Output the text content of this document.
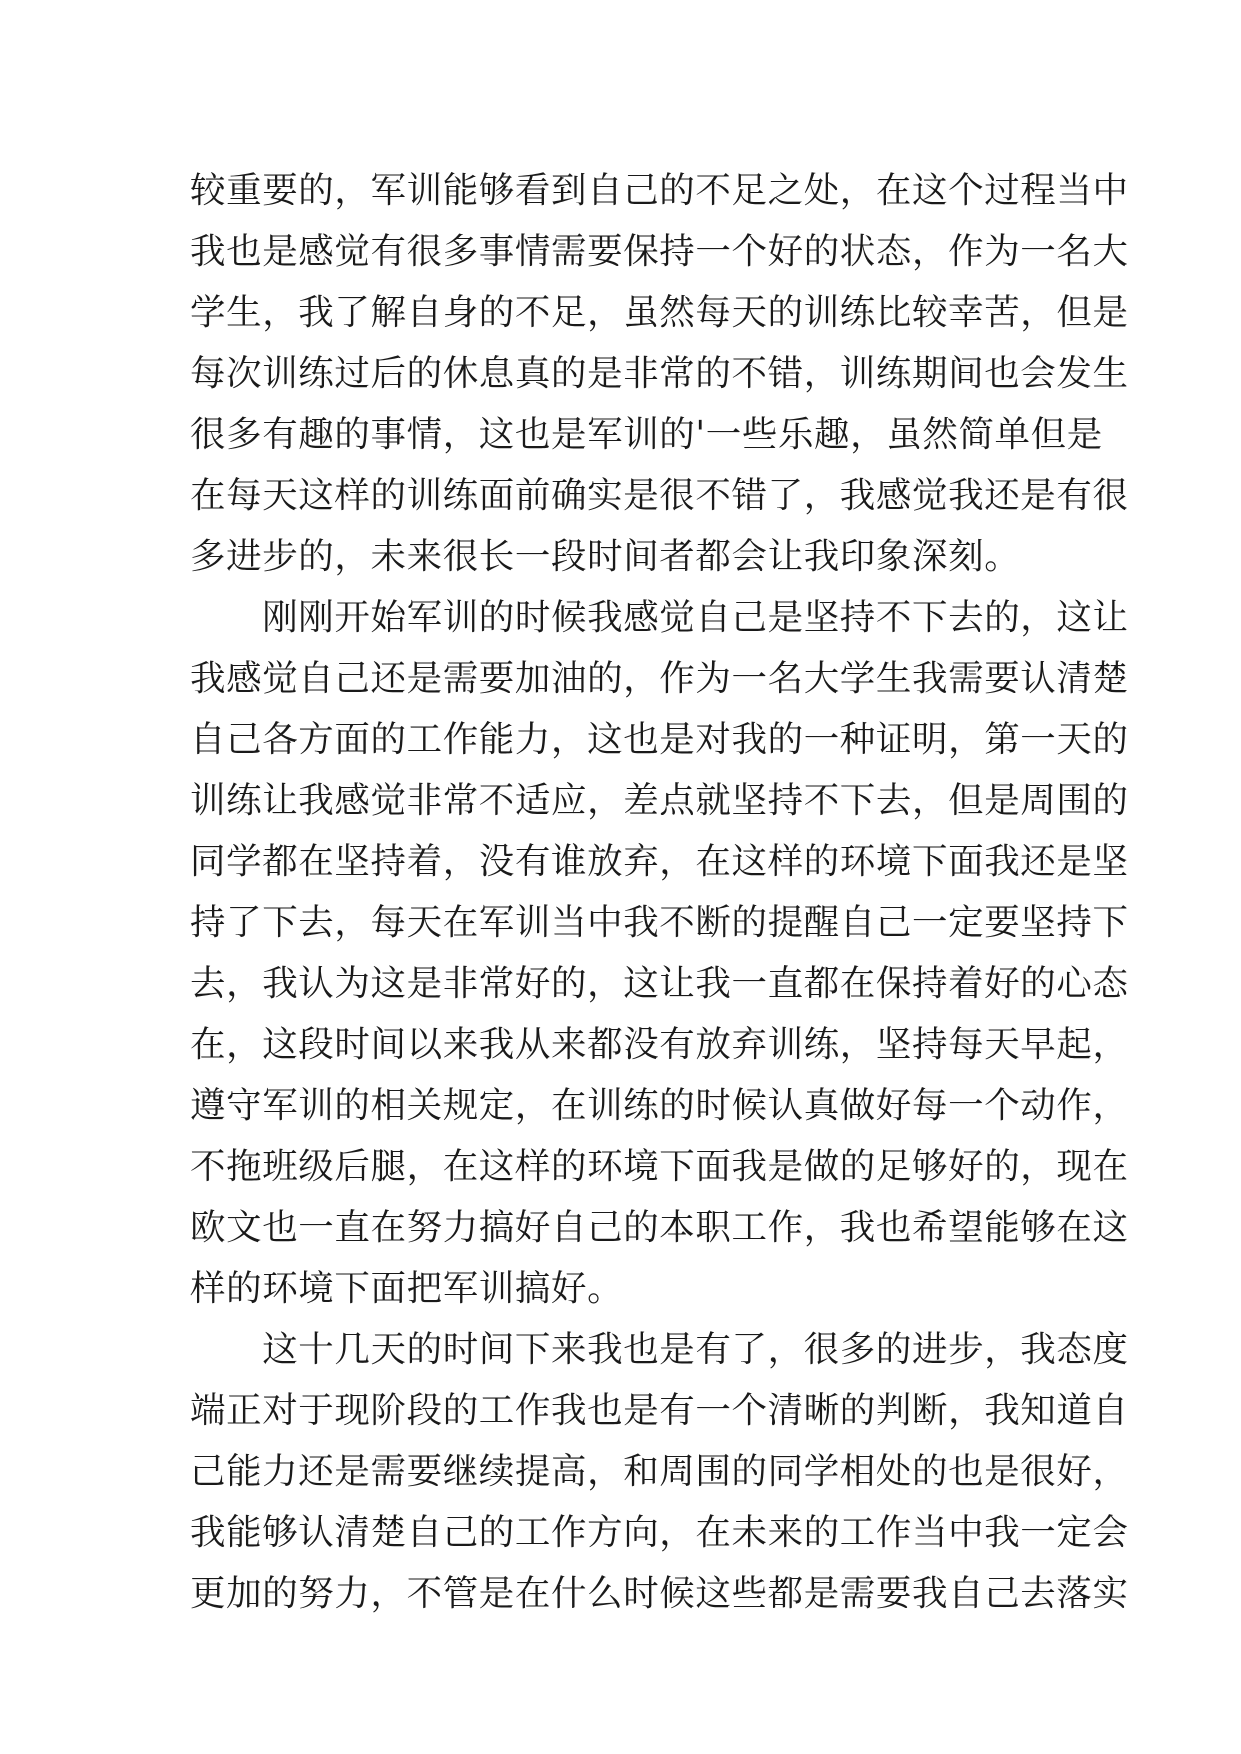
较重要的，军训能够看到自己的不足之处，在这个过程当中

我也是感觉有很多事情需要保持一个好的状态，作为一名大

学生，我了解自身的不足，虽然每天的训练比较幸苦，但是

每次训练过后的休息真的是非常的不错，训练期间也会发生

很多有趣的事情，这也是军训的'一些乐趣，虽然简单但是

在每天这样的训练面前确实是很不错了，我感觉我还是有很

多进步的，未来很长一段时间者都会让我印象深刻。

　　刚刚开始军训的时候我感觉自己是坚持不下去的，这让

我感觉自己还是需要加油的，作为一名大学生我需要认清楚

自己各方面的工作能力，这也是对我的一种证明，第一天的

训练让我感觉非常不适应，差点就坚持不下去，但是周围的

同学都在坚持着，没有谁放弃，在这样的环境下面我还是坚

持了下去，每天在军训当中我不断的提醒自己一定要坚持下

去，我认为这是非常好的，这让我一直都在保持着好的心态

在，这段时间以来我从来都没有放弃训练，坚持每天早起，

遵守军训的相关规定，在训练的时候认真做好每一个动作，

不拖班级后腿，在这样的环境下面我是做的足够好的，现在

欧文也一直在努力搞好自己的本职工作，我也希望能够在这

样的环境下面把军训搞好。

　　这十几天的时间下来我也是有了，很多的进步，我态度

端正对于现阶段的工作我也是有一个清晰的判断，我知道自

己能力还是需要继续提高，和周围的同学相处的也是很好，

我能够认清楚自己的工作方向，在未来的工作当中我一定会

更加的努力，不管是在什么时候这些都是需要我自己去落实
